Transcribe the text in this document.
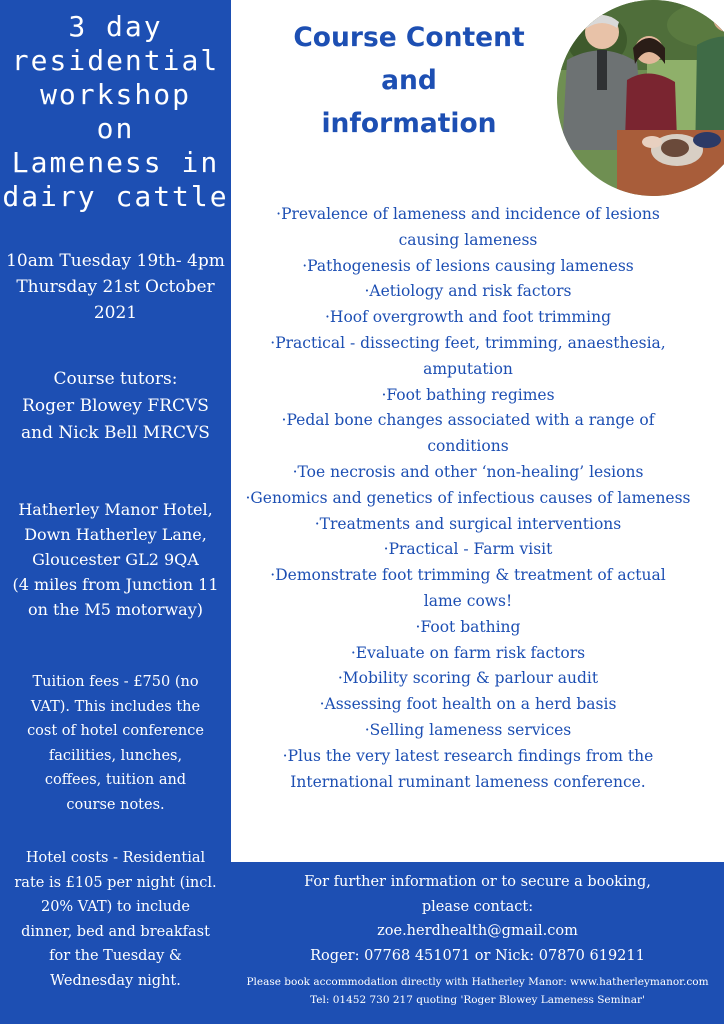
3 day
residential
workshop
on
Lameness in
dairy cattle
10am Tuesday 19th- 4pm
Thursday 21st October
2021
Course tutors:
Roger Blowey FRCVS
and Nick Bell MRCVS
Hatherley Manor Hotel,
Down Hatherley Lane,
Gloucester GL2 9QA
(4 miles from Junction 11
on the M5 motorway)
Tuition fees - £750 (no
VAT). This includes the
cost of hotel conference
facilities, lunches,
coffees, tuition and
course notes.
Hotel costs - Residential
rate is £105 per night (incl.
20% VAT) to include
dinner, bed and breakfast
for the Tuesday &
Wednesday night.
Course Content
and
information
·Prevalence of lameness and incidence of lesions
causing lameness
·Pathogenesis of lesions causing lameness
·Aetiology and risk factors
·Hoof overgrowth and foot trimming
·Practical - dissecting feet, trimming, anaesthesia,
amputation
·Foot bathing regimes
·Pedal bone changes associated with a range of
conditions
·Toe necrosis and other ‘non-healing’ lesions
·Genomics and genetics of infectious causes of lameness
·Treatments and surgical interventions
·Practical - Farm visit
·Demonstrate foot trimming & treatment of actual
lame cows!
·Foot bathing
·Evaluate on farm risk factors
·Mobility scoring & parlour audit
·Assessing foot health on a herd basis
·Selling lameness services
·Plus the very latest research findings from the
International ruminant lameness conference.
For further information or to secure a booking,
please contact:
zoe.herdhealth@gmail.com
Roger: 07768 451071 or Nick: 07870 619211
Please book accommodation directly with Hatherley Manor: www.hatherleymanor.com
Tel: 01452 730 217 quoting 'Roger Blowey Lameness Seminar'
